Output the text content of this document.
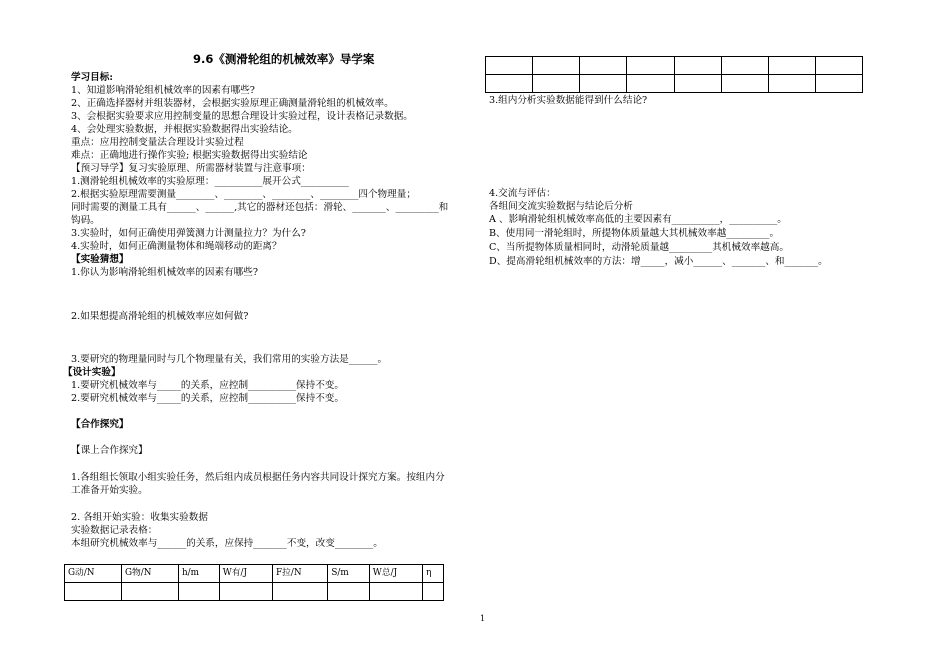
9.6《测滑轮组的机械效率》导学案
学习目标:
1、知道影响滑轮组机械效率的因素有哪些?
2、正确选择器材并组装器材，会根据实验原理正确测量滑轮组的机械效率。
3、会根据实验要求应用控制变量的思想合理设计实验过程，设计表格记录数据。
4、会处理实验数据，并根据实验数据得出实验结论。
重点：应用控制变量法合理设计实验过程
难点：正确地进行操作实验; 根据实验数据得出实验结论
【预习导学】复习实验原理、所需器材装置与注意事项：
1.测滑轮组机械效率的实验原理：__________展开公式__________
2.根据实验原理需要测量________、________、________、________四个物理量；
同时需要的测量工具有______、______,其它的器材还包括：滑轮、_______、_________和
钩码。
3.实验时，如何正确使用弹簧测力计测量拉力？为什么?
4.实验时，如何正确测量物体和绳端移动的距离？
【实验猜想】
1.你认为影响滑轮组机械效率的因素有哪些?
2.如果想提高滑轮组的机械效率应如何做?
3.要研究的物理量同时与几个物理量有关，我们常用的实验方法是______。
【设计实验】
1.要研究机械效率与_____的关系，应控制__________保持不变。
2.要研究机械效率与_____的关系，应控制__________保持不变。
【合作探究】
【课上合作探究】
1.各组组长领取小组实验任务，然后组内成员根据任务内容共同设计探究方案。按组内分
工准备开始实验。
2. 各组开始实验：收集实验数据
实验数据记录表格：
本组研究机械效率与______的关系，应保持_______不变，改变________。
G动/N	G物/N	h/m	W有/J	F拉/N	S/m	W总/J	η

3.组内分析实验数据能得到什么结论?
4.交流与评估：
各组间交流实验数据与结论后分析
A 、影响滑轮组机械效率高低的主要因素有__________，__________。
B、使用同一滑轮组时，所提物体质量越大其机械效率越_________。
C、当所提物体质量相同时，动滑轮质量越_________其机械效率越高。
D、提高滑轮组机械效率的方法：增_____，减小______、_______、和_______。
1
